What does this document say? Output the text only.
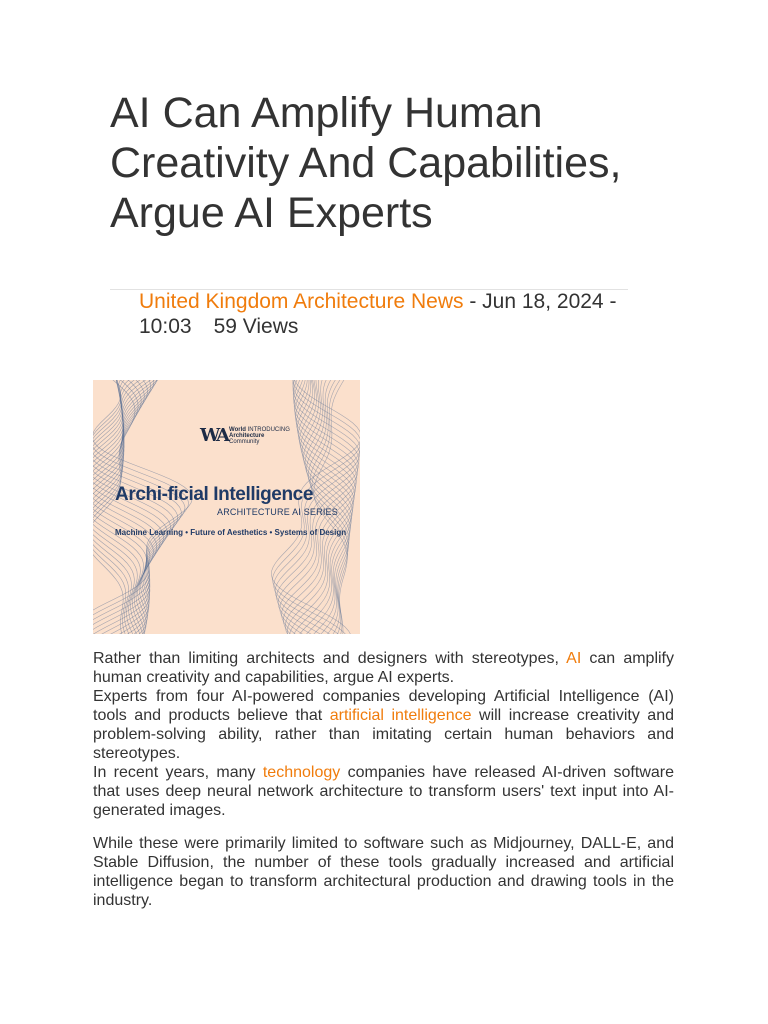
AI Can Amplify Human Creativity And Capabilities, Argue AI Experts
United Kingdom Architecture News - Jun 18, 2024 - 10:03 59 Views
WA World INTRODUCING
Architecture
Community
Archi-ficial Intelligence
ARCHITECTURE AI SERIES
Machine Learning • Future of Aesthetics • Systems of Design

Rather than limiting architects and designers with stereotypes, AI can amplify human creativity and capabilities, argue AI experts.

Experts from four AI-powered companies developing Artificial Intelligence (AI) tools and products believe that artificial intelligence will increase creativity and problem-solving ability, rather than imitating certain human behaviors and stereotypes.

In recent years, many technology companies have released AI-driven software that uses deep neural network architecture to transform users' text input into AI-generated images.

While these were primarily limited to software such as Midjourney, DALL-E, and Stable Diffusion, the number of these tools gradually increased and artificial intelligence began to transform architectural production and drawing tools in the industry.
